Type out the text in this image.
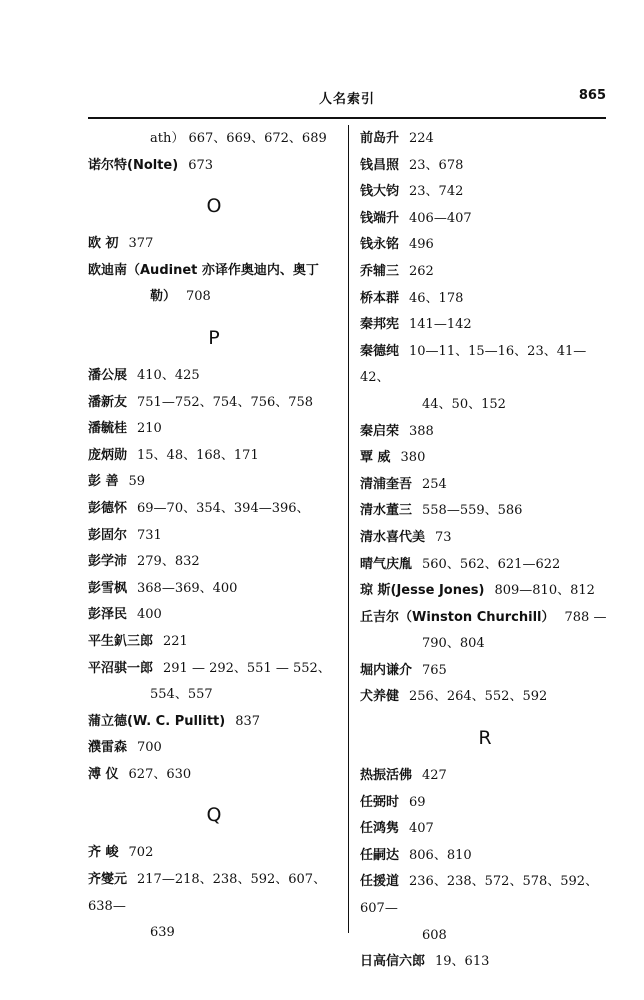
人名索引	865
ath） 667、669、672、689
诺尔特(Nolte) 673
O
欧 初 377
欧迪南（Audinet 亦译作奥迪内、奥丁
勒） 708
P
潘公展 410、425
潘新友 751—752、754、756、758
潘毓桂 210
庞炳勋 15、48、168、171
彭 善 59
彭德怀 69—70、354、394—396、
彭固尔 731
彭学沛 279、832
彭雪枫 368—369、400
彭泽民 400
平生釟三郎 221
平沼骐一郎 291 — 292、551 — 552、
554、557
蒲立德(W. C. Pullitt) 837
濮雷森 700
溥 仪 627、630
Q
齐 峻 702
齐燮元 217—218、238、592、607、638—
639
前岛升 224
钱昌照 23、678
钱大钧 23、742
钱端升 406—407
钱永铭 496
乔辅三 262
桥本群 46、178
秦邦宪 141—142
秦德纯 10—11、15—16、23、41—42、
44、50、152
秦启荣 388
覃 威 380
清浦奎吾 254
清水董三 558—559、586
清水喜代美 73
晴气庆胤 560、562、621—622
琼 斯(Jesse Jones) 809—810、812
丘吉尔（Winston Churchill） 788 —
790、804
堀内谦介 765
犬养健 256、264、552、592
R
热振活佛 427
任弼时 69
任鸿隽 407
任嗣达 806、810
任援道 236、238、572、578、592、607—
608
日高信六郎 19、613
